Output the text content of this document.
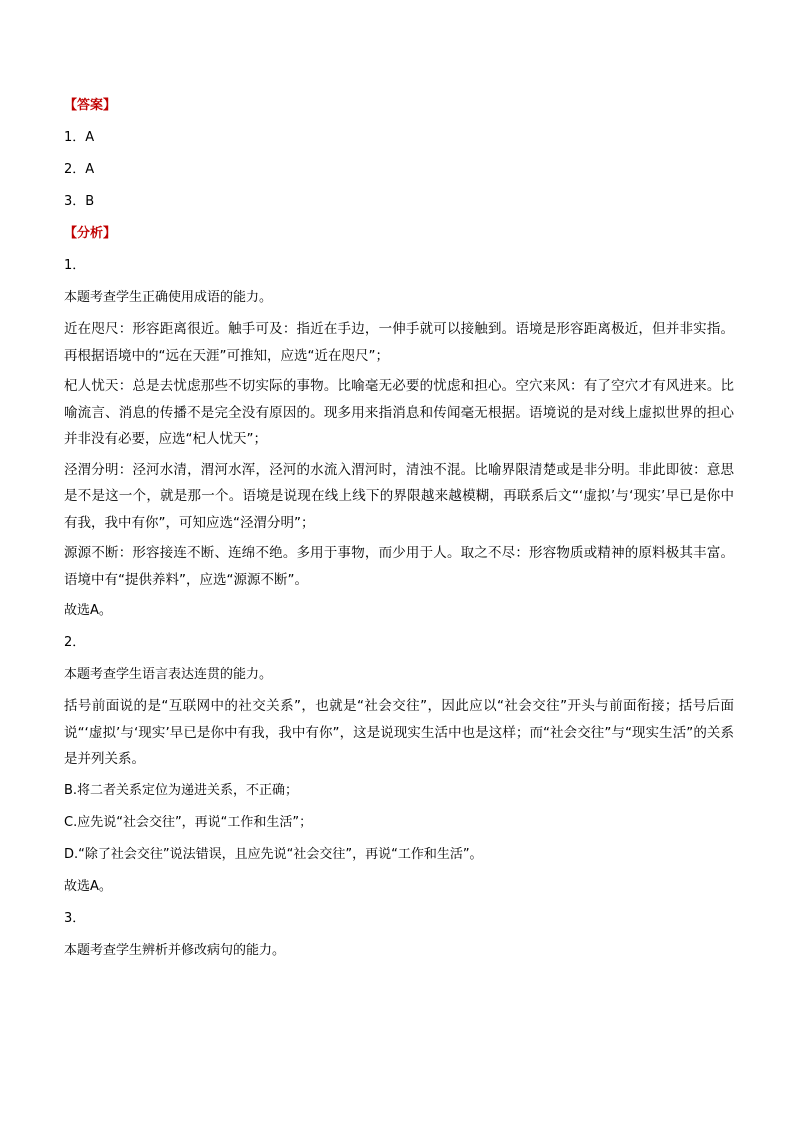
【答案】
1．A
2．A
3．B
【分析】
1．
本题考查学生正确使用成语的能力。
近在咫尺：形容距离很近。触手可及：指近在手边，一伸手就可以接触到。语境是形容距离极近，但并非实指。再根据语境中的“远在天涯”可推知，应选“近在咫尺”；
杞人忧天：总是去忧虑那些不切实际的事物。比喻毫无必要的忧虑和担心。空穴来风：有了空穴才有风进来。比喻流言、消息的传播不是完全没有原因的。现多用来指消息和传闻毫无根据。语境说的是对线上虚拟世界的担心并非没有必要，应选“杞人忧天”；
泾渭分明：泾河水清，渭河水浑，泾河的水流入渭河时，清浊不混。比喻界限清楚或是非分明。非此即彼：意思是不是这一个，就是那一个。语境是说现在线上线下的界限越来越模糊，再联系后文“‘虚拟’与‘现实’早已是你中有我，我中有你”，可知应选“泾渭分明”；
源源不断：形容接连不断、连绵不绝。多用于事物，而少用于人。取之不尽：形容物质或精神的原料极其丰富。语境中有“提供养料”，应选“源源不断”。
故选A。
2．
本题考查学生语言表达连贯的能力。
括号前面说的是“互联网中的社交关系”，也就是“社会交往”，因此应以“社会交往”开头与前面衔接；括号后面说“‘虚拟’与‘现实’早已是你中有我，我中有你”，这是说现实生活中也是这样；而“社会交往”与“现实生活”的关系是并列关系。
B.将二者关系定位为递进关系，不正确；
C.应先说“社会交往”，再说“工作和生活”；
D.“除了社会交往”说法错误，且应先说“社会交往”，再说“工作和生活”。
故选A。
3．
本题考查学生辨析并修改病句的能力。
